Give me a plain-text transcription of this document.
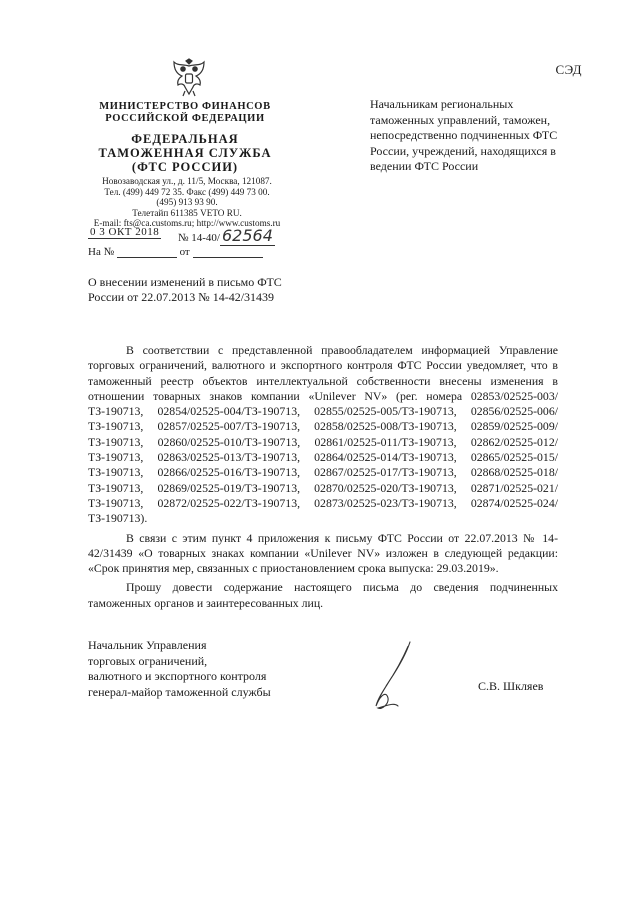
СЭД
МИНИСТЕРСТВО ФИНАНСОВ
РОССИЙСКОЙ ФЕДЕРАЦИИ
ФЕДЕРАЛЬНАЯ
ТАМОЖЕННАЯ СЛУЖБА
(ФТС РОССИИ)
Новозаводская ул., д. 11/5, Москва, 121087.
Тел. (499) 449 72 35. Факс (499) 449 73 00.
(495) 913 93 90.
Телетайп 611385 VETO RU.
E-mail: fts@ca.customs.ru; http://www.customs.ru
0 3 ОКТ 2018 № 14-40/ 62564
На №	от
Начальникам региональных таможенных управлений, таможен, непосредственно подчиненных ФТС России, учреждений, находящихся в ведении ФТС России
О внесении изменений в письмо ФТС России от 22.07.2013 № 14-42/31439

В соответствии с представленной правообладателем информацией Управление торговых ограничений, валютного и экспортного контроля ФТС России уведомляет, что в таможенный реестр объектов интеллектуальной собственности внесены изменения в отношении товарных знаков компании «Unilever NV» (рег. номера 02853/02525-003/ТЗ-190713, 02854/02525-004/ТЗ-190713, 02855/02525-005/ТЗ-190713, 02856/02525-006/ТЗ-190713, 02857/02525-007/ТЗ-190713, 02858/02525-008/ТЗ-190713, 02859/02525-009/ТЗ-190713, 02860/02525-010/ТЗ-190713, 02861/02525-011/ТЗ-190713, 02862/02525-012/ТЗ-190713, 02863/02525-013/ТЗ-190713, 02864/02525-014/ТЗ-190713, 02865/02525-015/ТЗ-190713, 02866/02525-016/ТЗ-190713, 02867/02525-017/ТЗ-190713, 02868/02525-018/ТЗ-190713, 02869/02525-019/ТЗ-190713, 02870/02525-020/ТЗ-190713, 02871/02525-021/ТЗ-190713, 02872/02525-022/ТЗ-190713, 02873/02525-023/ТЗ-190713, 02874/02525-024/ТЗ-190713).

В связи с этим пункт 4 приложения к письму ФТС России от 22.07.2013 № 14-42/31439 «О товарных знаках компании «Unilever NV» изложен в следующей редакции: «Срок принятия мер, связанных с приостановлением срока выпуска: 29.03.2019».

Прошу довести содержание настоящего письма до сведения подчиненных таможенных органов и заинтересованных лиц.

Начальник Управления
торговых ограничений,
валютного и экспортного контроля
генерал-майор таможенной службы	С.В. Шкляев
